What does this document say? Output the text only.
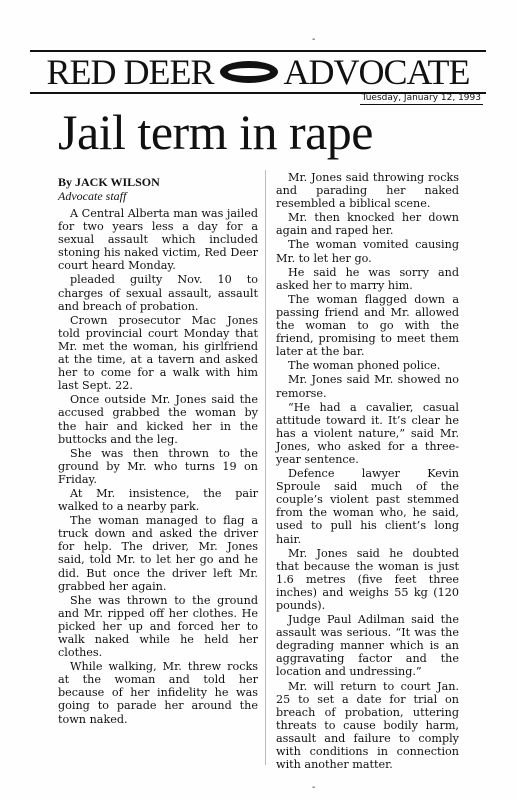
-
RED DEER ADVOCATE
Tuesday, January 12, 1993
Jail term in rape
By JACK WILSON
Advocate staff

A Central Alberta man was jailed for two years less a day for a sexual assault which included stoning his naked victim, Red Deer court heard Monday.

pleaded guilty Nov. 10 to charges of sexual assault, assault and breach of probation.

Crown prosecutor Mac Jones told provincial court Monday that Mr. met the woman, his girlfriend at the time, at a tavern and asked her to come for a walk with him last Sept. 22.

Once outside Mr. Jones said the accused grabbed the woman by the hair and kicked her in the buttocks and the leg.

She was then thrown to the ground by Mr. who turns 19 on Friday.

At Mr. insistence, the pair walked to a nearby park.

The woman managed to flag a truck down and asked the driver for help. The driver, Mr. Jones said, told Mr. to let her go and he did. But once the driver left Mr. grabbed her again.

She was thrown to the ground and Mr. ripped off her clothes. He picked her up and forced her to walk naked while he held her clothes.

While walking, Mr. threw rocks at the woman and told her because of her infidelity he was going to parade her around the town naked.

Mr. Jones said throwing rocks and parading her naked resembled a biblical scene.

Mr. then knocked her down again and raped her.

The woman vomited causing Mr. to let her go.

He said he was sorry and asked her to marry him.

The woman flagged down a passing friend and Mr. allowed the woman to go with the friend, promising to meet them later at the bar.

The woman phoned police.

Mr. Jones said Mr. showed no remorse.

“He had a cavalier, casual attitude toward it. It’s clear he has a violent nature,” said Mr. Jones, who asked for a three-year sentence.

Defence lawyer Kevin Sproule said much of the couple’s violent past stemmed from the woman who, he said, used to pull his client’s long hair.

Mr. Jones said he doubted that because the woman is just 1.6 metres (five feet three inches) and weighs 55 kg (120 pounds).

Judge Paul Adilman said the assault was serious. “It was the degrading manner which is an aggravating factor and the location and undressing.”

Mr. will return to court Jan. 25 to set a date for trial on breach of probation, uttering threats to cause bodily harm, assault and failure to comply with conditions in connection with another matter.

-
